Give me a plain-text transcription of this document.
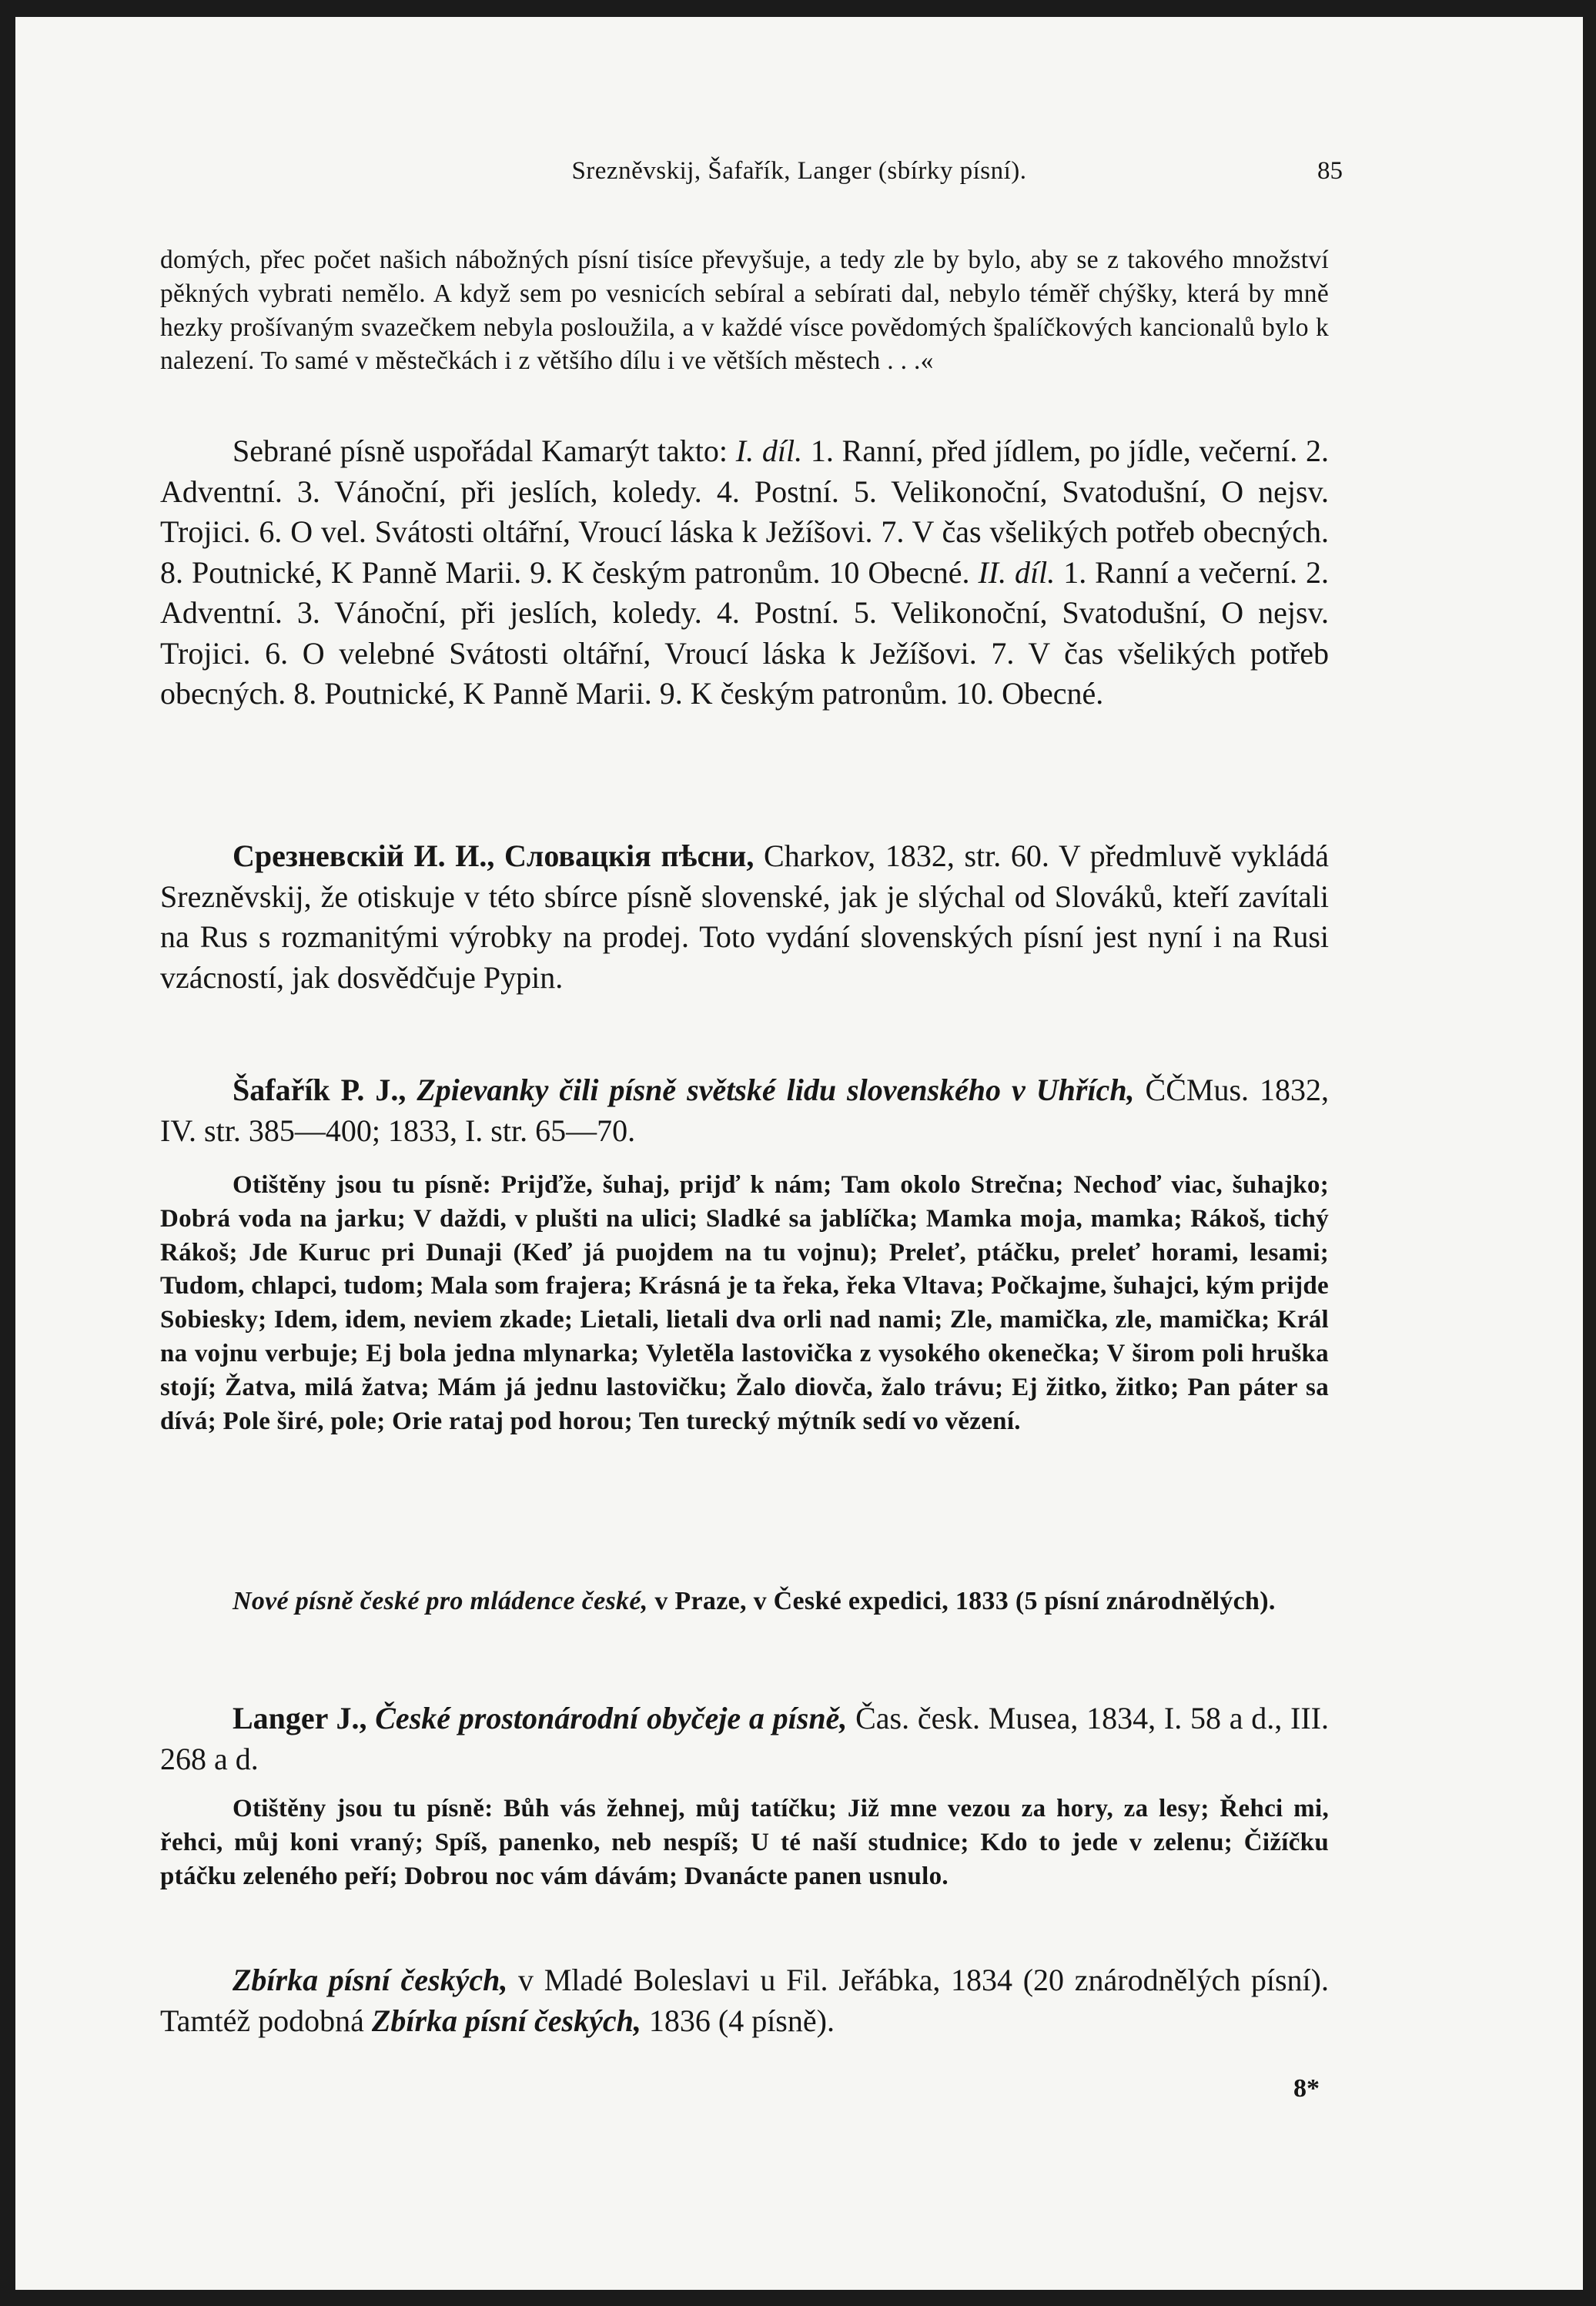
Srezněvskij, Šafařík, Langer (sbírky písní).	85

domých, přec počet našich nábožných písní tisíce převyšuje, a tedy zle by bylo, aby se z takového množství pěkných vybrati nemělo. A když sem po vesnicích sebíral a sebírati dal, nebylo téměř chýšky, která by mně hezky prošívaným svazečkem nebyla posloužila, a v každé vísce povědomých špalíčkových kancionalů bylo k nalezení. To samé v městečkách i z většího dílu i ve větších městech . . .«

Sebrané písně uspořádal Kamarýt takto: I. díl. 1. Ranní, před jídlem, po jídle, večerní. 2. Adventní. 3. Vánoční, při jeslích, koledy. 4. Postní. 5. Velikonoční, Svatodušní, O nejsv. Trojici. 6. O vel. Svátosti oltářní, Vroucí láska k Ježíšovi. 7. V čas všelikých potřeb obecných. 8. Poutnické, K Panně Marii. 9. K českým patronům. 10 Obecné. II. díl. 1. Ranní a večerní. 2. Adventní. 3. Vánoční, při jeslích, koledy. 4. Postní. 5. Velikonoční, Svatodušní, O nejsv. Trojici. 6. O velebné Svátosti oltářní, Vroucí láska k Ježíšovi. 7. V čas všelikých potřeb obecných. 8. Poutnické, K Panně Marii. 9. K českým patronům. 10. Obecné.

Срезневскій И. И., Словацкія пѣсни, Charkov, 1832, str. 60. V předmluvě vykládá Srezněvskij, že otiskuje v této sbírce písně slovenské, jak je slýchal od Slováků, kteří zavítali na Rus s rozmanitými výrobky na prodej. Toto vydání slovenských písní jest nyní i na Rusi vzácností, jak dosvědčuje Pypin.

Šafařík P. J., Zpievanky čili písně světské lidu slovenského v Uhřích, ČČMus. 1832, IV. str. 385—400; 1833, I. str. 65—70.

Otištěny jsou tu písně: Prijďže, šuhaj, prijď k nám; Tam okolo Strečna; Nechoď viac, šuhajko; Dobrá voda na jarku; V daždi, v plušti na ulici; Sladké sa jablíčka; Mamka moja, mamka; Rákoš, tichý Rákoš; Jde Kuruc pri Dunaji (Keď já puojdem na tu vojnu); Preleť, ptáčku, preleť horami, lesami; Tudom, chlapci, tudom; Mala som frajera; Krásná je ta řeka, řeka Vltava; Počkajme, šuhajci, kým prijde Sobiesky; Idem, idem, neviem zkade; Lietali, lietali dva orli nad nami; Zle, mamička, zle, mamička; Král na vojnu verbuje; Ej bola jedna mlynarka; Vyletěla lastovička z vysokého okenečka; V širom poli hruška stojí; Žatva, milá žatva; Mám já jednu lastovičku; Žalo diovča, žalo trávu; Ej žitko, žitko; Pan páter sa dívá; Pole širé, pole; Orie rataj pod horou; Ten turecký mýtník sedí vo vězení.

Nové písně české pro mládence české, v Praze, v České expedici, 1833 (5 písní znárodnělých).

Langer J., České prostonárodní obyčeje a písně, Čas. česk. Musea, 1834, I. 58 a d., III. 268 a d.

Otištěny jsou tu písně: Bůh vás žehnej, můj tatíčku; Již mne vezou za hory, za lesy; Řehci mi, řehci, můj koni vraný; Spíš, panenko, neb nespíš; U té naší studnice; Kdo to jede v zelenu; Čižíčku ptáčku zeleného peří; Dobrou noc vám dávám; Dvanácte panen usnulo.

Zbírka písní českých, v Mladé Boleslavi u Fil. Jeřábka, 1834 (20 znárodnělých písní). Tamtéž podobná Zbírka písní českých, 1836 (4 písně).

8*
